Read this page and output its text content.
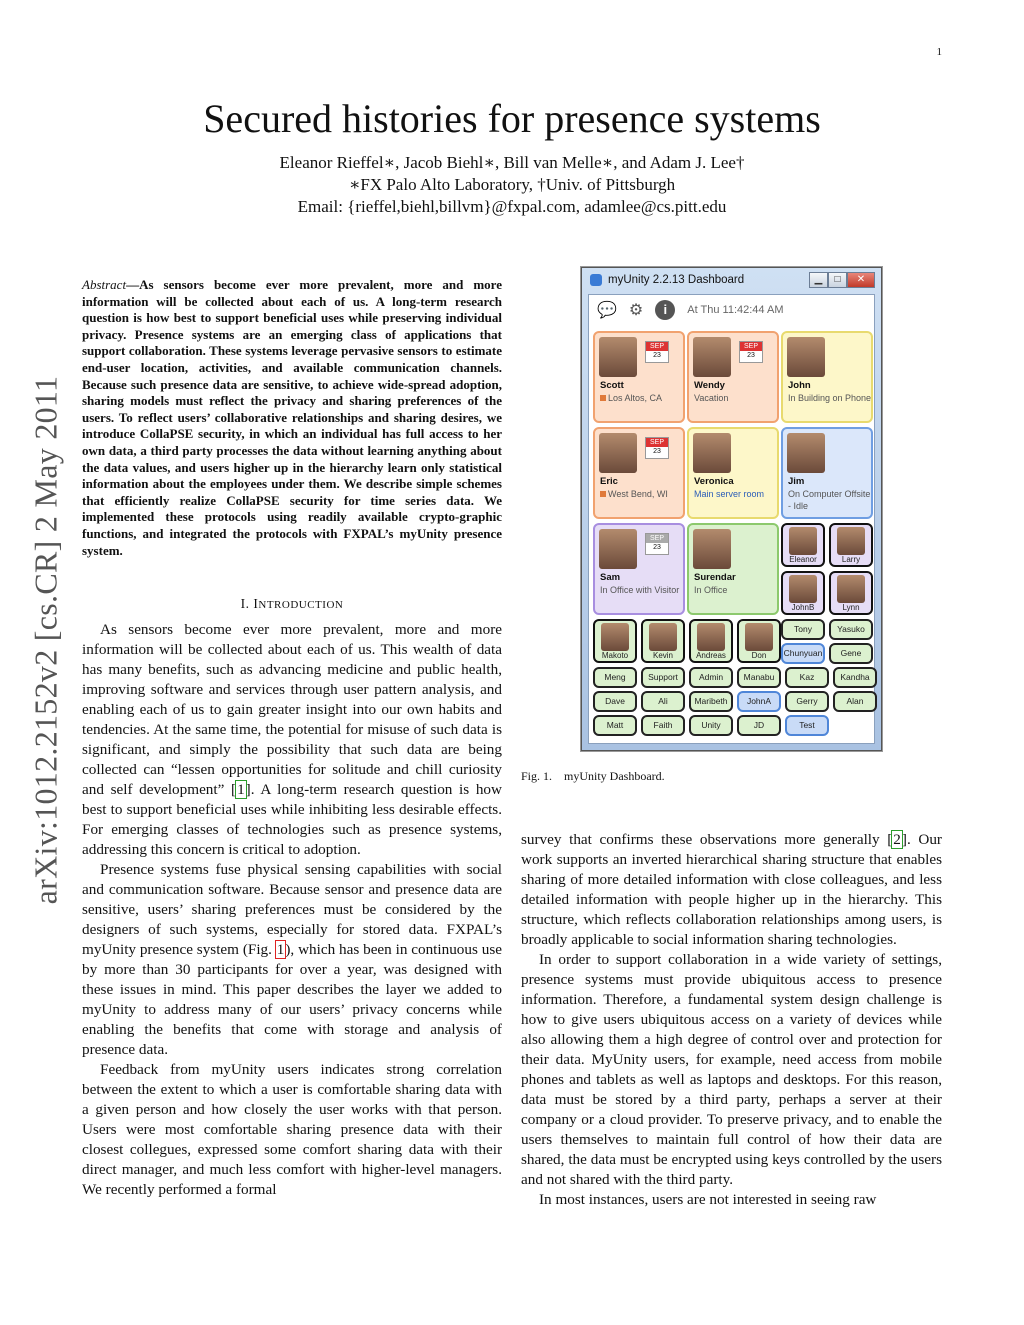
1
arXiv:1012.2152v2 [cs.CR] 2 May 2011
Secured histories for presence systems
Eleanor Rieffel∗, Jacob Biehl∗, Bill van Melle∗, and Adam J. Lee†
∗FX Palo Alto Laboratory, †Univ. of Pittsburgh
Email: {rieffel,biehl,billvm}@fxpal.com, adamlee@cs.pitt.edu

Abstract—As sensors become ever more prevalent, more and more information will be collected about each of us. A long-term research question is how best to support beneficial uses while preserving individual privacy. Presence systems are an emerging class of applications that support collaboration. These systems leverage pervasive sensors to estimate end-user location, activities, and available communication channels. Because such presence data are sensitive, to achieve wide-spread adoption, sharing models must reflect the privacy and sharing preferences of the users. To reflect users’ collaborative relationships and sharing desires, we introduce CollaPSE security, in which an individual has full access to her own data, a third party processes the data without learning anything about the data values, and users higher up in the hierarchy learn only statistical information about the employees under them. We describe simple schemes that efficiently realize CollaPSE security for time series data. We implemented these protocols using readily available crypto-graphic functions, and integrated the protocols with FXPAL’s myUnity presence system.

I. INTRODUCTION

As sensors become ever more prevalent, more and more information will be collected about each of us. This wealth of data has many benefits, such as advancing medicine and public health, improving software and services through user pattern analysis, and enabling each of us to gain greater insight into our own habits and tendencies. At the same time, the potential for misuse of such data is significant, and simply the possibility that such data are being collected can “lessen opportunities for solitude and chill curiosity and self development” [1]. A long-term research question is how best to support beneficial uses while inhibiting less desirable effects. For emerging classes of technologies such as presence systems, addressing this concern is critical to adoption.

Presence systems fuse physical sensing capabilities with social and communication software. Because sensor and presence data are sensitive, users’ sharing preferences must be considered by the designers of such systems, especially for stored data. FXPAL’s myUnity presence system (Fig. 1), which has been in continuous use by more than 30 participants for over a year, was designed with these issues in mind. This paper describes the layer we added to myUnity to address many of our users’ privacy concerns while enabling the benefits that come with storage and analysis of presence data.

Feedback from myUnity users indicates strong correlation between the extent to which a user is comfortable sharing data with a given person and how closely the user works with that person. Users were most comfortable sharing presence data with their closest collegues, expressed some comfort sharing data with their direct manager, and much less comfort with higher-level managers. We recently performed a formal

myUnity 2.2.13 Dashboard	▁	□	✕
💬 ⚙	i	At Thu 11:42:44 AM
SEP
23
Scott
Los Altos, CA
SEP
23
Wendy
Vacation
John
In Building on Phone
SEP
23
Eric
West Bend, WI
Veronica
Main server room
Jim
On Computer Offsite - Idle
SEP
23
Sam
In Office with Visitor
Surendar
In Office
Eleanor	Larry
JohnB	Lynn
Makoto	Kevin	Andreas	Don
Tony	Yasuko
Chunyuan	Gene
Meng	Support	Admin	Manabu	Kaz	Kandha
Dave	Ali	Maribeth	JohnA	Gerry	Alan
Matt	Faith	Unity	JD	Test
Fig. 1. myUnity Dashboard.

survey that confirms these observations more generally [2]. Our work supports an inverted hierarchical sharing structure that enables sharing of more detailed information with close colleagues, and less detailed information with people higher up in the hierarchy. This structure, which reflects collaboration relationships among users, is broadly applicable to social information sharing technologies.

In order to support collaboration in a wide variety of settings, presence systems must provide ubiquitous access to presence information. Therefore, a fundamental system design challenge is how to give users ubiquitous access on a variety of devices while also allowing them a high degree of control over and protection for their data. MyUnity users, for example, need access from mobile phones and tablets as well as laptops and desktops. For this reason, data must be stored by a third party, perhaps a server at their company or a cloud provider. To preserve privacy, and to enable the users themselves to maintain full control of how their data are shared, the data must be encrypted using keys controlled by the users and not shared with the third party.

In most instances, users are not interested in seeing raw
